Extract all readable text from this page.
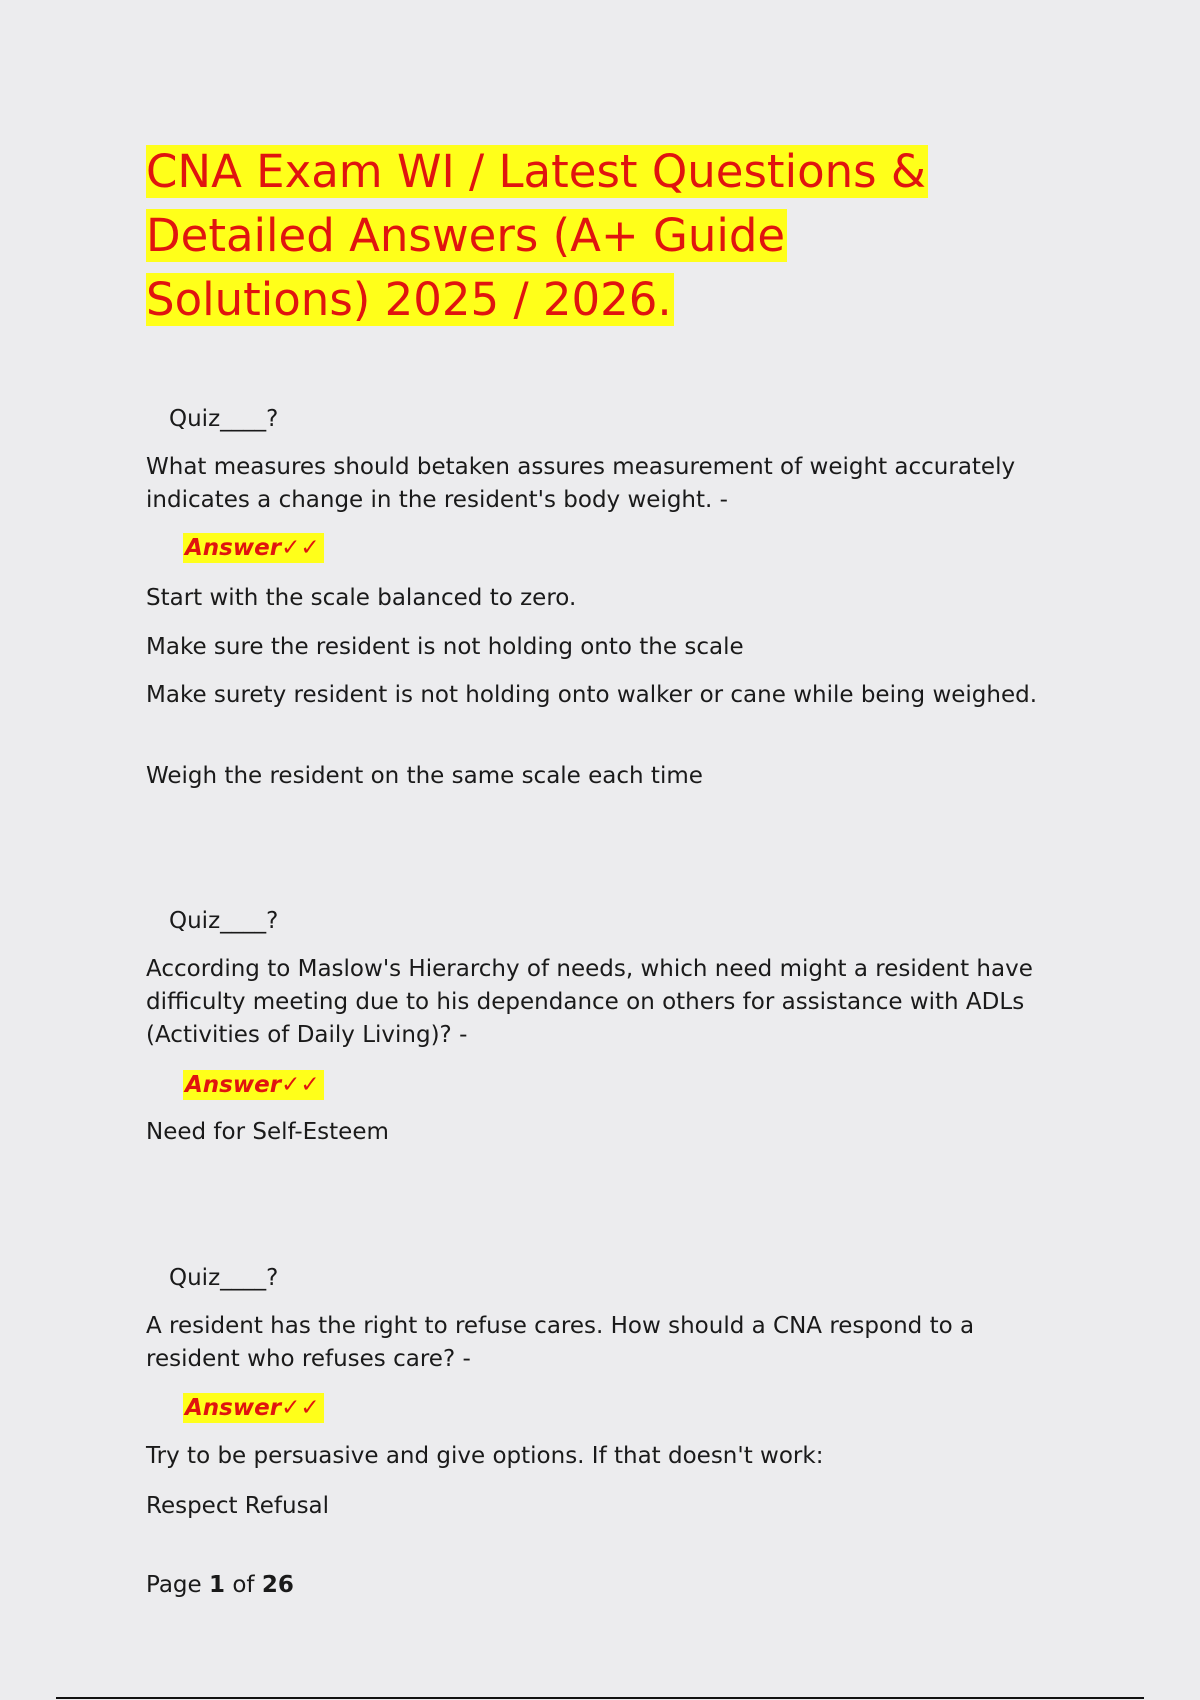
CNA Exam WI / Latest Questions &
Detailed Answers (A+ Guide
Solutions) 2025 / 2026.
Quiz____?

What measures should betaken assures measurement of weight accurately indicates a change in the resident's body weight. -

Answer✓✓

Start with the scale balanced to zero.

Make sure the resident is not holding onto the scale

Make surety resident is not holding onto walker or cane while being weighed.

Weigh the resident on the same scale each time

Quiz____?

According to Maslow's Hierarchy of needs, which need might a resident have difficulty meeting due to his dependance on others for assistance with ADLs (Activities of Daily Living)? -

Answer✓✓

Need for Self-Esteem

Quiz____?

A resident has the right to refuse cares. How should a CNA respond to a resident who refuses care? -

Answer✓✓

Try to be persuasive and give options. If that doesn't work:

Respect Refusal

Page 1 of 26
